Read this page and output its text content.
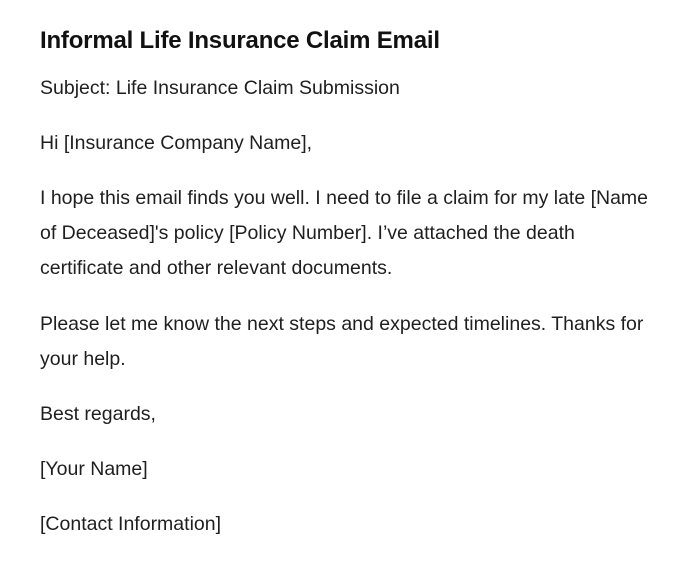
Informal Life Insurance Claim Email

Subject: Life Insurance Claim Submission

Hi [Insurance Company Name],

I hope this email finds you well. I need to file a claim for my late [Name of Deceased]'s policy [Policy Number]. I’ve attached the death certificate and other relevant documents.

Please let me know the next steps and expected timelines. Thanks for your help.

Best regards,

[Your Name]

[Contact Information]
